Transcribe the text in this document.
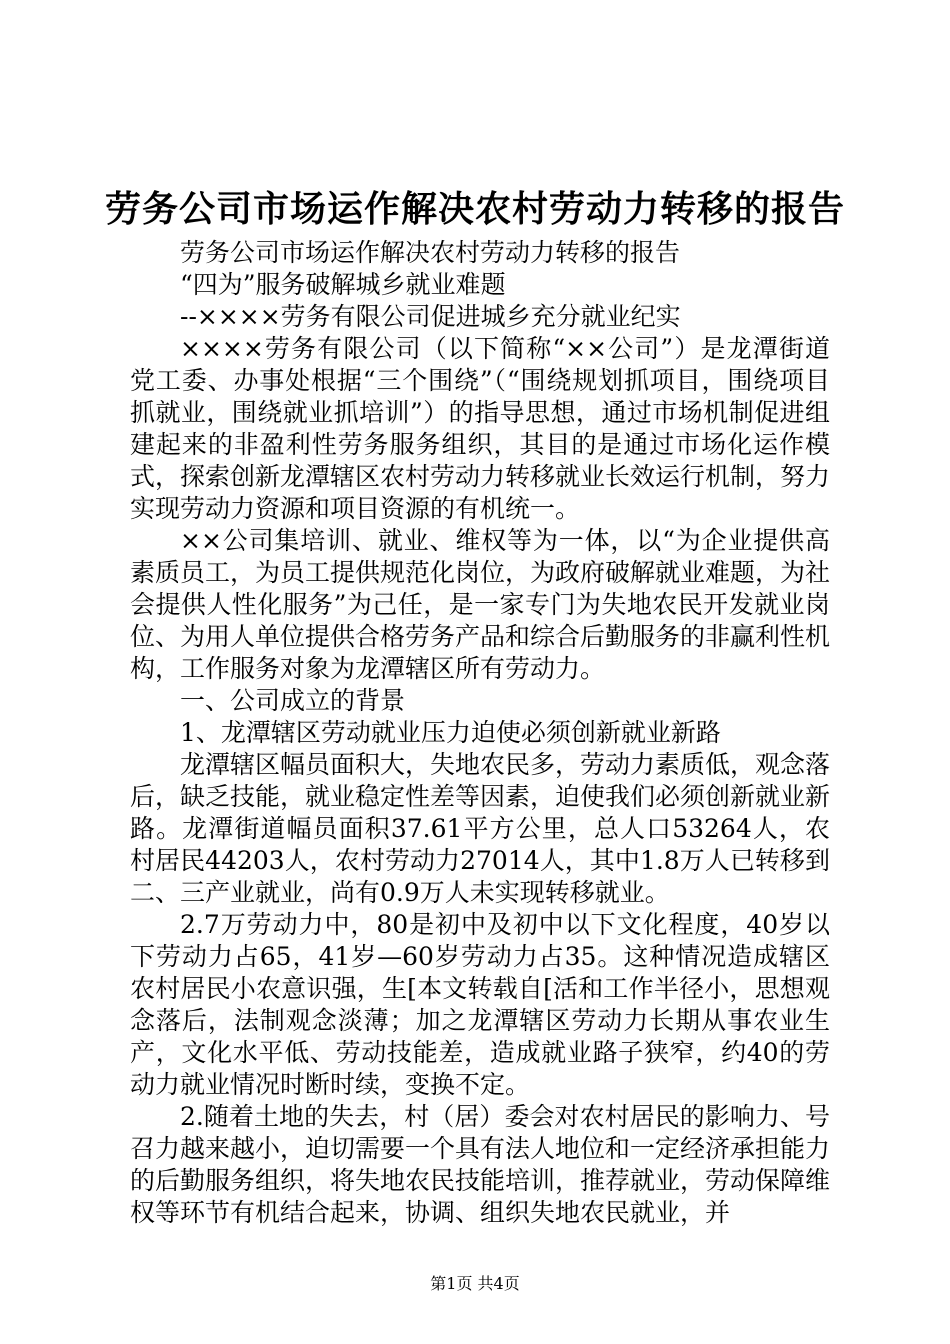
劳务公司市场运作解决农村劳动力转移的报告

劳务公司市场运作解决农村劳动力转移的报告

“四为”服务破解城乡就业难题

--××××劳务有限公司促进城乡充分就业纪实

××××劳务有限公司（以下简称“××公司”）是龙潭街道党工委、办事处根据“三个围绕”（“围绕规划抓项目，围绕项目抓就业，围绕就业抓培训”）的指导思想，通过市场机制促进组建起来的非盈利性劳务服务组织，其目的是通过市场化运作模式，探索创新龙潭辖区农村劳动力转移就业长效运行机制，努力实现劳动力资源和项目资源的有机统一。

××公司集培训、就业、维权等为一体，以“为企业提供高素质员工，为员工提供规范化岗位，为政府破解就业难题，为社会提供人性化服务”为己任，是一家专门为失地农民开发就业岗位、为用人单位提供合格劳务产品和综合后勤服务的非赢利性机构，工作服务对象为龙潭辖区所有劳动力。

一、公司成立的背景

1、龙潭辖区劳动就业压力迫使必须创新就业新路

龙潭辖区幅员面积大，失地农民多，劳动力素质低，观念落后，缺乏技能，就业稳定性差等因素，迫使我们必须创新就业新路。龙潭街道幅员面积37.61平方公里，总人口53264人，农村居民44203人，农村劳动力27014人，其中1.8万人已转移到二、三产业就业，尚有0.9万人未实现转移就业。

2.7万劳动力中，80是初中及初中以下文化程度，40岁以下劳动力占65，41岁—60岁劳动力占35。这种情况造成辖区农村居民小农意识强，生[本文转载自[活和工作半径小，思想观念落后，法制观念淡薄；加之龙潭辖区劳动力长期从事农业生产，文化水平低、劳动技能差，造成就业路子狭窄，约40的劳动力就业情况时断时续，变换不定。

2.随着土地的失去，村（居）委会对农村居民的影响力、号召力越来越小，迫切需要一个具有法人地位和一定经济承担能力的后勤服务组织，将失地农民技能培训，推荐就业，劳动保障维权等环节有机结合起来，协调、组织失地农民就业，并

第1页 共4页
